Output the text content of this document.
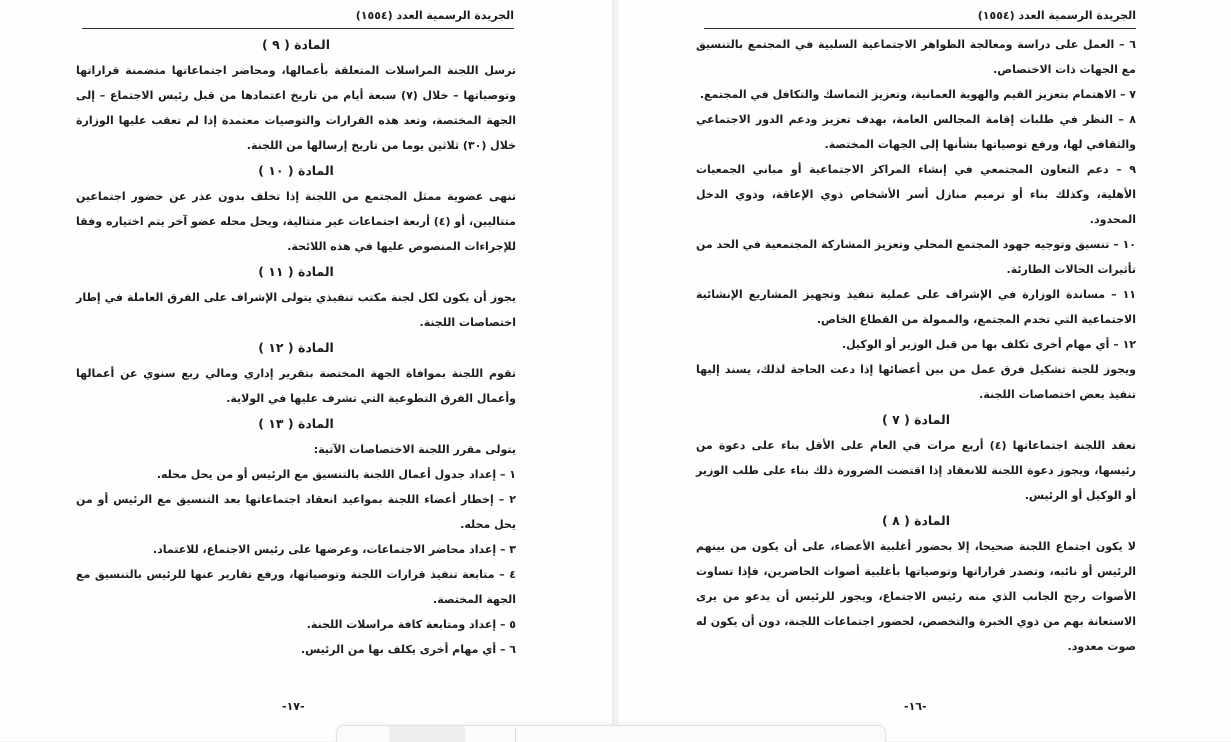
الجريدة الرسمية العدد (١٥٥٤)

المادة ( ٩ )

ترسل اللجنة المراسلات المتعلقة بأعمالها، ومحاضر اجتماعاتها متضمنة قراراتها وتوصياتها – خلال (٧) سبعة أيام من تاريخ اعتمادها من قبل رئيس الاجتماع – إلى الجهة المختصة، وتعد هذه القرارات والتوصيات معتمدة إذا لم تعقب عليها الوزارة خلال (٣٠) ثلاثين يوما من تاريخ إرسالها من اللجنة.

المادة ( ١٠ )

تنهى عضوية ممثل المجتمع من اللجنة إذا تخلف بدون عذر عن حضور اجتماعين متتاليين، أو (٤) أربعة اجتماعات غير متتالية، ويحل محله عضو آخر يتم اختياره وفقا للإجراءات المنصوص عليها في هذه اللائحة.

المادة ( ١١ )

يجوز أن يكون لكل لجنة مكتب تنفيذي يتولى الإشراف على الفرق العاملة في إطار اختصاصات اللجنة.

المادة ( ١٢ )

تقوم اللجنة بموافاة الجهة المختصة بتقرير إداري ومالي ربع سنوي عن أعمالها وأعمال الفرق التطوعية التي تشرف عليها في الولاية.

المادة ( ١٣ )

يتولى مقرر اللجنة الاختصاصات الآتية:

١ – إعداد جدول أعمال اللجنة بالتنسيق مع الرئيس أو من يحل محله.

٢ – إخطار أعضاء اللجنة بمواعيد انعقاد اجتماعاتها بعد التنسيق مع الرئيس أو من يحل محله.

٣ – إعداد محاضر الاجتماعات، وعرضها على رئيس الاجتماع، للاعتماد.

٤ – متابعة تنفيذ قرارات اللجنة وتوصياتها، ورفع تقارير عنها للرئيس بالتنسيق مع الجهة المختصة.

٥ – إعداد ومتابعة كافة مراسلات اللجنة.

٦ – أي مهام أخرى يكلف بها من الرئيس.

-١٧-
الجريدة الرسمية العدد (١٥٥٤)

٦ – العمل على دراسة ومعالجة الظواهر الاجتماعية السلبية في المجتمع بالتنسيق مع الجهات ذات الاختصاص.

٧ – الاهتمام بتعزيز القيم والهوية العمانية، وتعزيز التماسك والتكافل في المجتمع.

٨ – النظر في طلبات إقامة المجالس العامة، بهدف تعزيز ودعم الدور الاجتماعي والثقافي لها، ورفع توصياتها بشأنها إلى الجهات المختصة.

٩ – دعم التعاون المجتمعي في إنشاء المراكز الاجتماعية أو مباني الجمعيات الأهلية، وكذلك بناء أو ترميم منازل أسر الأشخاص ذوي الإعاقة، وذوي الدخل المحدود.

١٠ – تنسيق وتوجيه جهود المجتمع المحلي وتعزيز المشاركة المجتمعية في الحد من تأثيرات الحالات الطارئة.

١١ – مساندة الوزارة في الإشراف على عملية تنفيذ وتجهيز المشاريع الإنشائية الاجتماعية التي تخدم المجتمع، والممولة من القطاع الخاص.

١٢ – أي مهام أخرى تكلف بها من قبل الوزير أو الوكيل.

ويجوز للجنة تشكيل فرق عمل من بين أعضائها إذا دعت الحاجة لذلك، يسند إليها تنفيذ بعض اختصاصات اللجنة.

المادة ( ٧ )

تعقد اللجنة اجتماعاتها (٤) أربع مرات في العام على الأقل بناء على دعوة من رئيسها، ويجوز دعوة اللجنة للانعقاد إذا اقتضت الضرورة ذلك بناء على طلب الوزير أو الوكيل أو الرئيس.

المادة ( ٨ )

لا يكون اجتماع اللجنة صحيحا، إلا بحضور أغلبية الأعضاء، على أن يكون من بينهم الرئيس أو نائبه، وتصدر قراراتها وتوصياتها بأغلبية أصوات الحاضرين، فإذا تساوت الأصوات رجح الجانب الذي منه رئيس الاجتماع، ويجوز للرئيس أن يدعو من يرى الاستعانة بهم من ذوي الخبرة والتخصص، لحضور اجتماعات اللجنة، دون أن يكون له صوت معدود.

-١٦-
